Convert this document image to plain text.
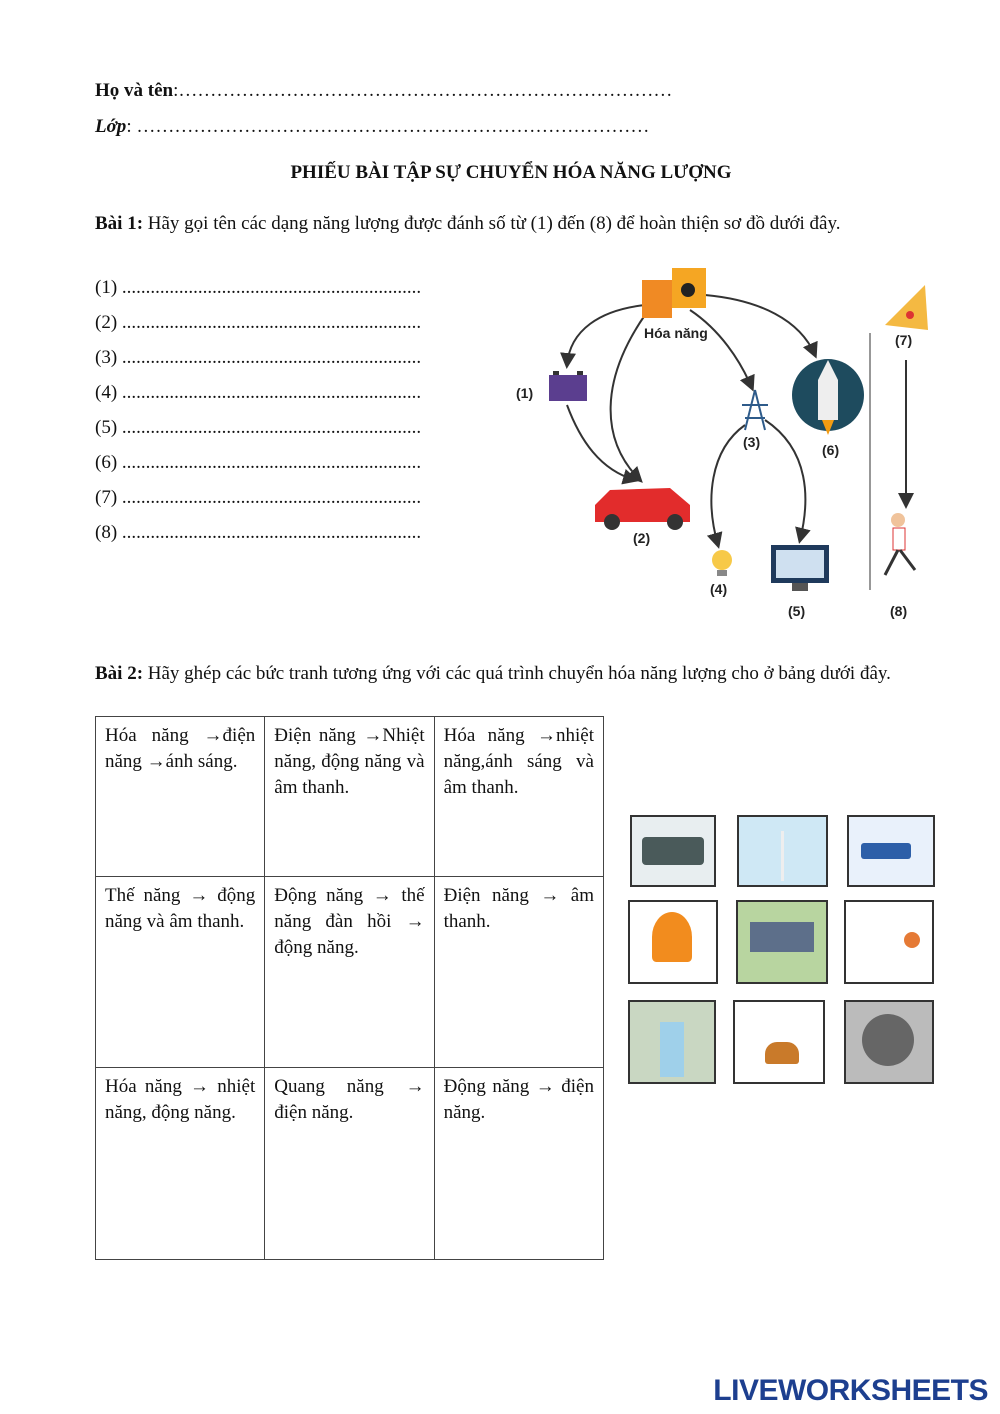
Họ và tên:……………………………………………………………………
Lớp: ………………………………………………………………………
PHIẾU BÀI TẬP SỰ CHUYỂN HÓA NĂNG LƯỢNG
Bài 1: Hãy gọi tên các dạng năng lượng được đánh số từ (1) đến (8) để hoàn thiện sơ đồ dưới đây.
(1) ...............................................................
(2) ...............................................................
(3) ...............................................................
(4) ...............................................................
(5) ...............................................................
(6) ...............................................................
(7) ...............................................................
(8) ...............................................................
Hóa năng
(1)
(2)
(3)
(4)
(5)
(6)
(7)
(8)
Bài 2: Hãy ghép các bức tranh tương ứng với các quá trình chuyển hóa năng lượng cho ở bảng dưới đây.
Hóa năng →điện năng →ánh sáng.	Điện năng →Nhiệt năng, động năng và âm thanh.	Hóa năng →nhiệt năng,ánh sáng và âm thanh.
Thế năng → động năng và âm thanh.	Động năng → thế năng đàn hồi → động năng.	Điện năng → âm thanh.
Hóa năng → nhiệt năng, động năng.	Quang năng → điện năng.	Động năng → điện năng.
LIVEWORKSHEETS
